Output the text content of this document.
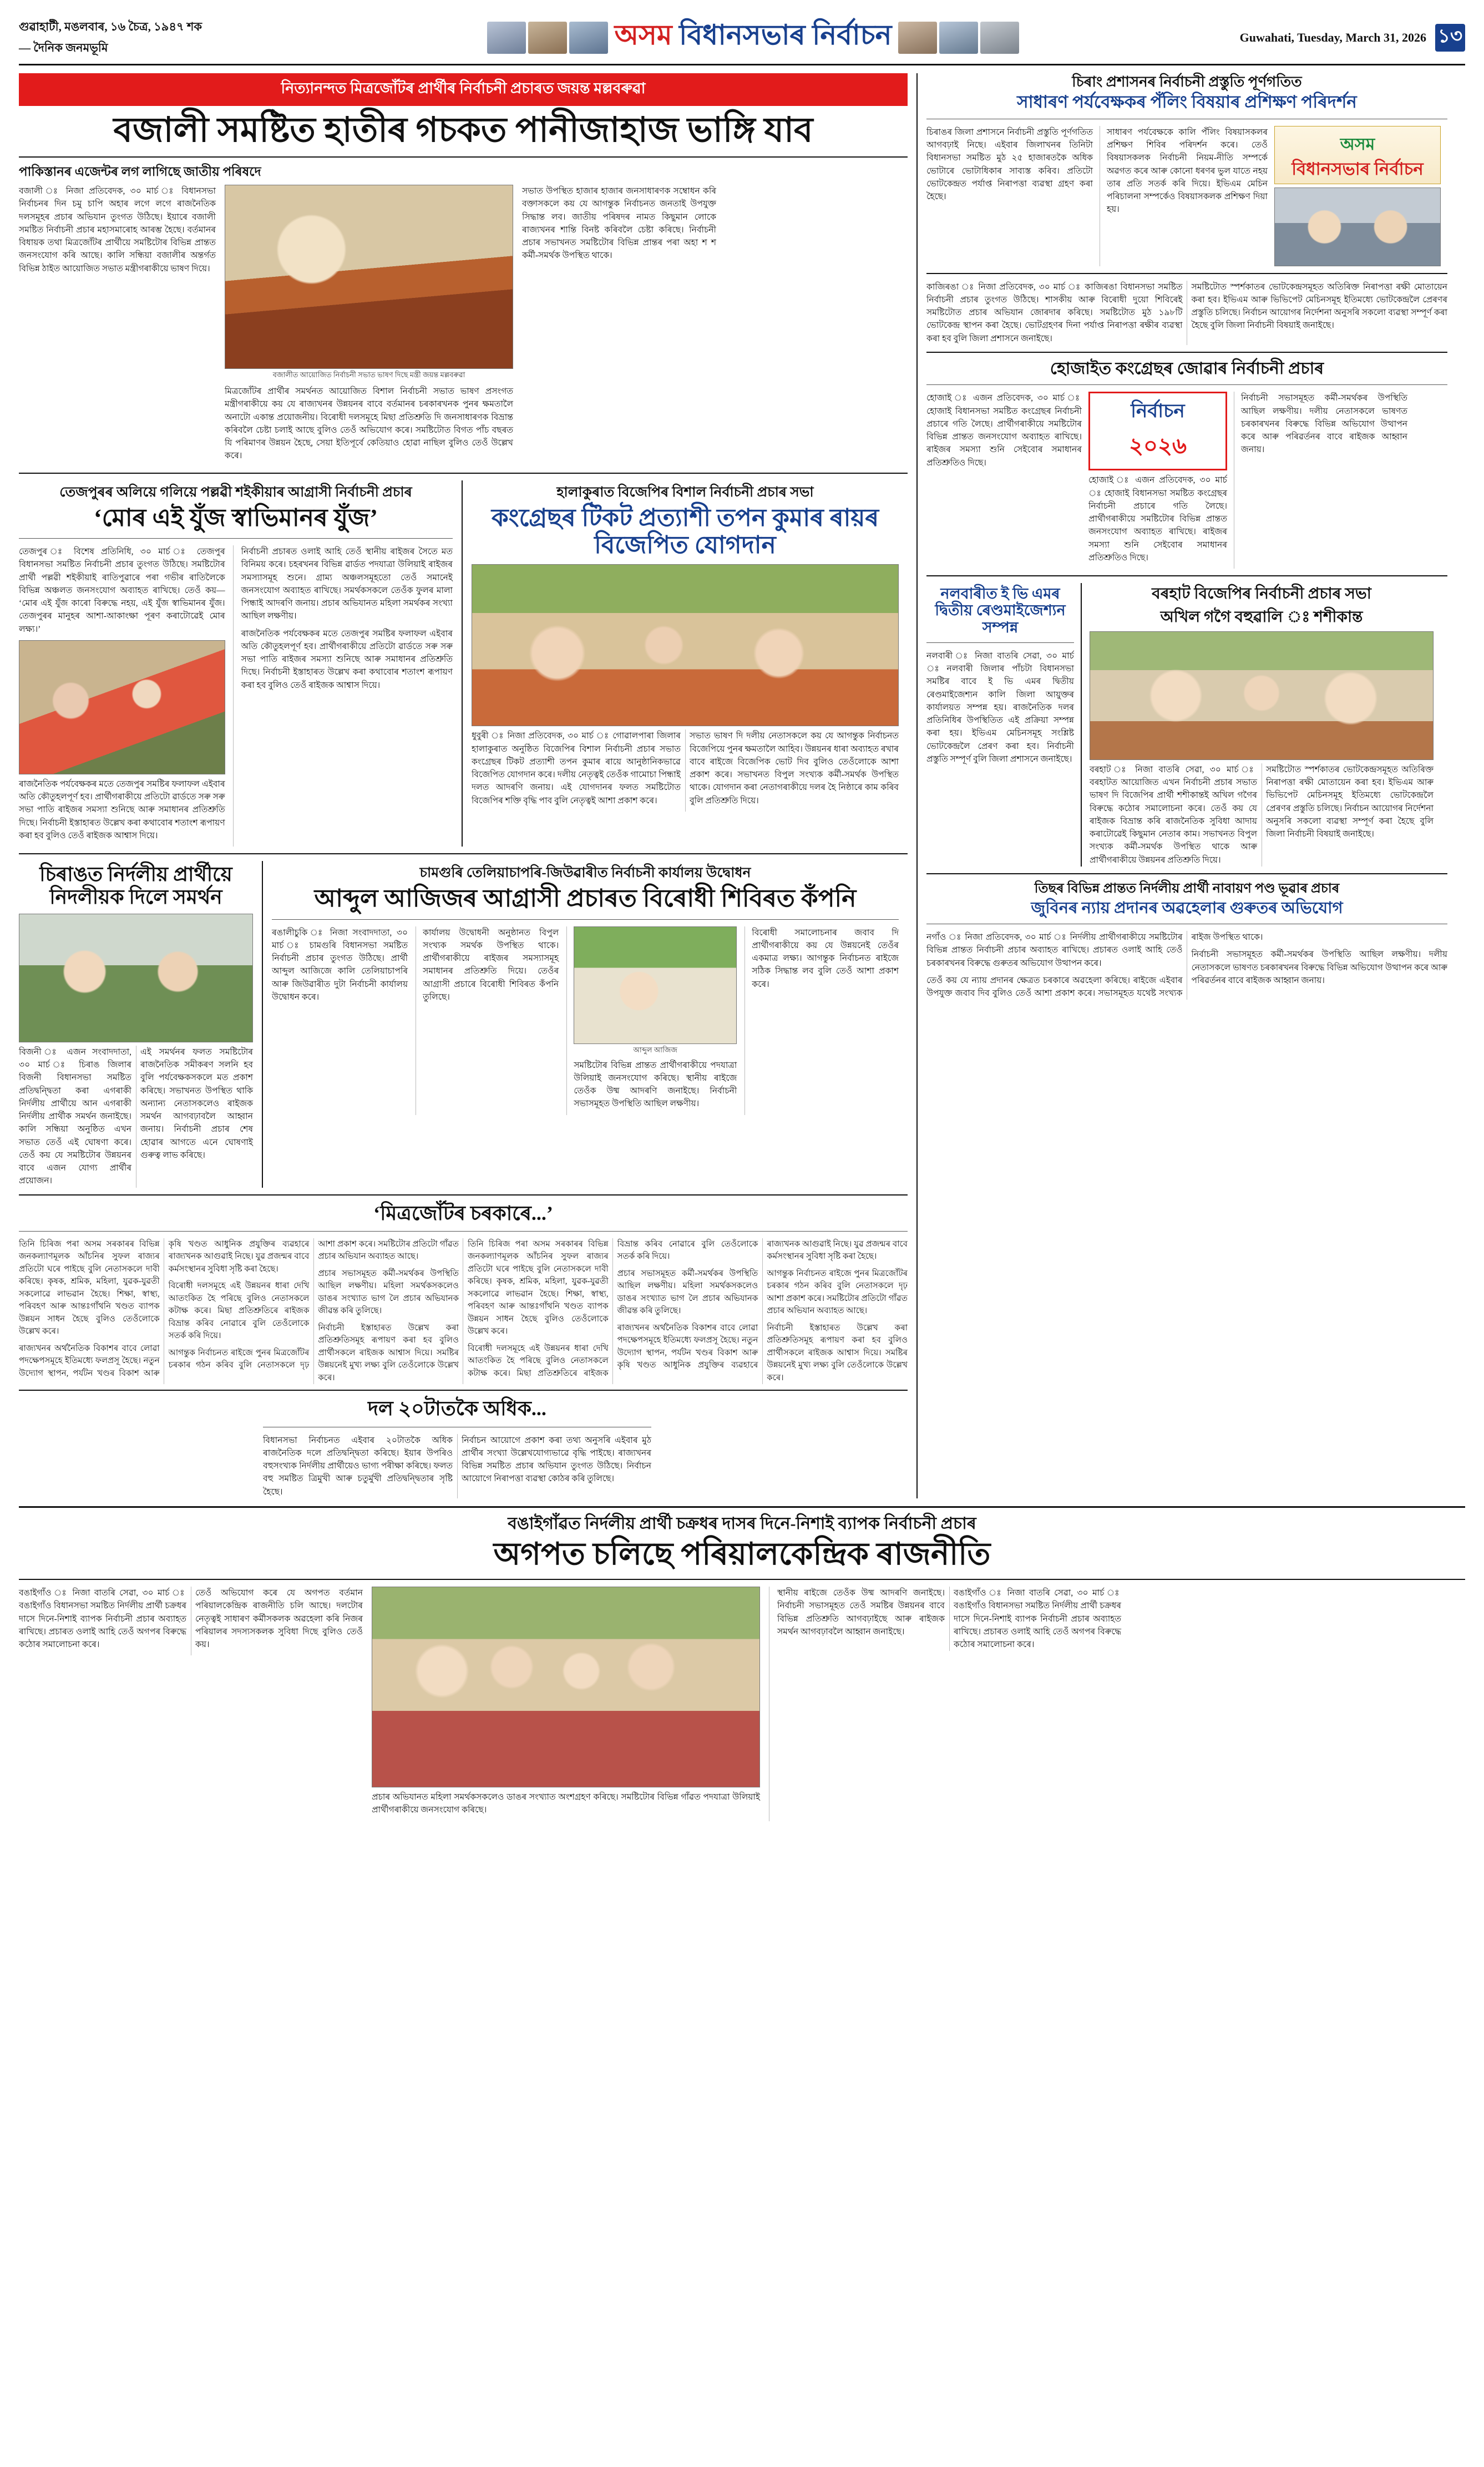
গুৱাহাটী, মঙলবাৰ, ১৬ চৈত্ৰ, ১৯৪৭ শক
— দৈনিক জনমভূমি	অসম বিধানসভাৰ নিৰ্বাচন	Guwahati, Tuesday, March 31, 2026 ১৩
নিত্যানন্দত মিত্ৰজোঁটৰ প্ৰাৰ্থীৰ নিৰ্বাচনী প্ৰচাৰত জয়ন্ত মল্লবৰুৱা
বজালী সমষ্টিত হাতীৰ গচকত পানীজাহাজ ভাঙ্গি যাব
পাকিস্তানৰ এজেন্টৰ লগ লাগিছে জাতীয় পৰিষদে

বজালী ঃ নিজা প্ৰতিবেদক, ৩০ মাৰ্চ ঃ বিধানসভা নিৰ্বাচনৰ দিন চমু চাপি অহাৰ লগে লগে ৰাজনৈতিক দলসমূহৰ প্ৰচাৰ অভিযান তুংগত উঠিছে। ইয়াৰে বজালী সমষ্টিত নিৰ্বাচনী প্ৰচাৰ মহাসমাৰোহ আৰম্ভ হৈছে। বৰ্তমানৰ বিধায়ক তথা মিত্ৰজোঁটৰ প্ৰাৰ্থীয়ে সমষ্টিটোৰ বিভিন্ন প্ৰান্তত জনসংযোগ কৰি আছে। কালি সন্ধিয়া বজালীৰ অন্তৰ্গত বিভিন্ন ঠাইত আয়োজিত সভাত মন্ত্ৰীগৰাকীয়ে ভাষণ দিয়ে।

বজালীত আয়োজিত নিৰ্বাচনী সভাত ভাষণ দিছে মন্ত্ৰী জয়ন্ত মল্লবৰুৱা

মিত্ৰজোঁটৰ প্ৰাৰ্থীৰ সমৰ্থনত আয়োজিত বিশাল নিৰ্বাচনী সভাত ভাষণ প্ৰসংগত মন্ত্ৰীগৰাকীয়ে কয় যে ৰাজ্যখনৰ উন্নয়নৰ বাবে বৰ্তমানৰ চৰকাৰখনক পুনৰ ক্ষমতালৈ অনাটো একান্ত প্ৰয়োজনীয়। বিৰোধী দলসমূহে মিছা প্ৰতিশ্ৰুতি দি জনসাধাৰণক বিভ্ৰান্ত কৰিবলৈ চেষ্টা চলাই আছে বুলিও তেওঁ অভিযোগ কৰে। সমষ্টিটোত বিগত পাঁচ বছৰত যি পৰিমাণৰ উন্নয়ন হৈছে, সেয়া ইতিপূৰ্বে কেতিয়াও হোৱা নাছিল বুলিও তেওঁ উল্লেখ কৰে।

সভাত উপস্থিত হাজাৰ হাজাৰ জনসাধাৰণক সম্বোধন কৰি বক্তাসকলে কয় যে আগন্তুক নিৰ্বাচনত জনতাই উপযুক্ত সিদ্ধান্ত লব। জাতীয় পৰিষদৰ নামত কিছুমান লোকে ৰাজ্যখনৰ শান্তি বিনষ্ট কৰিবলৈ চেষ্টা কৰিছে। নিৰ্বাচনী প্ৰচাৰ সভাখনত সমষ্টিটোৰ বিভিন্ন প্ৰান্তৰ পৰা অহা শ শ কৰ্মী-সমৰ্থক উপস্থিত থাকে।

তেজপুৰৰ অলিয়ে গলিয়ে পল্লৱী শইকীয়াৰ আগ্ৰাসী নিৰ্বাচনী প্ৰচাৰ
‘মোৰ এই যুঁজ স্বাভিমানৰ যুঁজ’

তেজপুৰ ঃ বিশেষ প্ৰতিনিধি, ৩০ মাৰ্চ ঃ তেজপুৰ বিধানসভা সমষ্টিত নিৰ্বাচনী প্ৰচাৰ তুংগত উঠিছে। সমষ্টিটোৰ প্ৰাৰ্থী পল্লৱী শইকীয়াই ৰাতিপুৱাৰে পৰা গভীৰ ৰাতিলৈকে বিভিন্ন অঞ্চলত জনসংযোগ অব্যাহত ৰাখিছে। তেওঁ কয়— ‘মোৰ এই যুঁজ কাৰো বিৰুদ্ধে নহয়, এই যুঁজ স্বাভিমানৰ যুঁজ। তেজপুৰৰ মানুহৰ আশা-আকাংক্ষা পূৰণ কৰাটোৱেই মোৰ লক্ষ্য।’

ৰাজনৈতিক পৰ্যবেক্ষকৰ মতে তেজপুৰ সমষ্টিৰ ফলাফল এইবাৰ অতি কৌতুহলপূৰ্ণ হব। প্ৰাৰ্থীগৰাকীয়ে প্ৰতিটো ৱাৰ্ডতে সৰু সৰু সভা পাতি ৰাইজৰ সমস্যা শুনিছে আৰু সমাধানৰ প্ৰতিশ্ৰুতি দিছে। নিৰ্বাচনী ইস্তাহাৰত উল্লেখ কৰা কথাবোৰ শতাংশ ৰূপায়ণ কৰা হব বুলিও তেওঁ ৰাইজক আশ্বাস দিয়ে।

নিৰ্বাচনী প্ৰচাৰত ওলাই আহি তেওঁ স্থানীয় ৰাইজৰ সৈতে মত বিনিময় কৰে। চহৰখনৰ বিভিন্ন ৱাৰ্ডত পদযাত্ৰা উলিয়াই ৰাইজৰ সমস্যাসমূহ শুনে। গ্ৰাম্য অঞ্চলসমূহতো তেওঁ সমানেই জনসংযোগ অব্যাহত ৰাখিছে। সমৰ্থকসকলে তেওঁক ফুলৰ মালা পিন্ধাই আদৰণি জনায়। প্ৰচাৰ অভিযানত মহিলা সমৰ্থকৰ সংখ্যা আছিল লক্ষণীয়।

ৰাজনৈতিক পৰ্যবেক্ষকৰ মতে তেজপুৰ সমষ্টিৰ ফলাফল এইবাৰ অতি কৌতুহলপূৰ্ণ হব। প্ৰাৰ্থীগৰাকীয়ে প্ৰতিটো ৱাৰ্ডতে সৰু সৰু সভা পাতি ৰাইজৰ সমস্যা শুনিছে আৰু সমাধানৰ প্ৰতিশ্ৰুতি দিছে। নিৰ্বাচনী ইস্তাহাৰত উল্লেখ কৰা কথাবোৰ শতাংশ ৰূপায়ণ কৰা হব বুলিও তেওঁ ৰাইজক আশ্বাস দিয়ে।

হালাকুৰাত বিজেপিৰ বিশাল নিৰ্বাচনী প্ৰচাৰ সভা
কংগ্ৰেছৰ টিকট প্ৰত্যাশী তপন কুমাৰ ৰায়ৰ বিজেপিত যোগদান

ধুবুৰী ঃ নিজা প্ৰতিবেদক, ৩০ মাৰ্চ ঃ গোৱালপাৰা জিলাৰ হালাকুৰাত অনুষ্ঠিত বিজেপিৰ বিশাল নিৰ্বাচনী প্ৰচাৰ সভাত কংগ্ৰেছৰ টিকট প্ৰত্যাশী তপন কুমাৰ ৰায়ে আনুষ্ঠানিকভাৱে বিজেপিত যোগদান কৰে। দলীয় নেতৃত্বই তেওঁক গামোচা পিন্ধাই দলত আদৰণি জনায়। এই যোগদানৰ ফলত সমষ্টিটোত বিজেপিৰ শক্তি বৃদ্ধি পাব বুলি নেতৃত্বই আশা প্ৰকাশ কৰে।

সভাত ভাষণ দি দলীয় নেতাসকলে কয় যে আগন্তুক নিৰ্বাচনত বিজেপিয়ে পুনৰ ক্ষমতালৈ আহিব। উন্নয়নৰ ধাৰা অব্যাহত ৰখাৰ বাবে ৰাইজে বিজেপিক ভোট দিব বুলিও তেওঁলোকে আশা প্ৰকাশ কৰে। সভাখনত বিপুল সংখ্যক কৰ্মী-সমৰ্থক উপস্থিত থাকে। যোগদান কৰা নেতাগৰাকীয়ে দলৰ হৈ নিষ্ঠাৰে কাম কৰিব বুলি প্ৰতিশ্ৰুতি দিয়ে।

চিৰাঙত নিৰ্দলীয় প্ৰাৰ্থীয়ে নিদলীয়ক দিলে সমৰ্থন

বিজনী ঃ এজন সংবাদদাতা, ৩০ মাৰ্চ ঃ চিৰাঙ জিলাৰ বিজনী বিধানসভা সমষ্টিত প্ৰতিদ্বন্দ্বিতা কৰা এগৰাকী নিৰ্দলীয় প্ৰাৰ্থীয়ে আন এগৰাকী নিৰ্দলীয় প্ৰাৰ্থীক সমৰ্থন জনাইছে। কালি সন্ধিয়া অনুষ্ঠিত এখন সভাত তেওঁ এই ঘোষণা কৰে। তেওঁ কয় যে সমষ্টিটোৰ উন্নয়নৰ বাবে এজন যোগ্য প্ৰাৰ্থীৰ প্ৰয়োজন।

এই সমৰ্থনৰ ফলত সমষ্টিটোৰ ৰাজনৈতিক সমীকৰণ সলনি হব বুলি পৰ্যবেক্ষকসকলে মত প্ৰকাশ কৰিছে। সভাখনত উপস্থিত থাকি অন্যান্য নেতাসকলেও ৰাইজক সমৰ্থন আগবঢ়াবলৈ আহ্বান জনায়। নিৰ্বাচনী প্ৰচাৰ শেষ হোৱাৰ আগতে এনে ঘোষণাই গুৰুত্ব লাভ কৰিছে।

চামগুৰি তেলিয়াচাপৰি-জিউৱাৰীত নিৰ্বাচনী কাৰ্যালয় উদ্বোধন
আব্দুল আজিজৰ আগ্ৰাসী প্ৰচাৰত বিৰোধী শিবিৰত কঁপনি

ৰঙালীচুকি ঃ নিজা সংবাদদাতা, ৩০ মাৰ্চ ঃ চামগুৰি বিধানসভা সমষ্টিত নিৰ্বাচনী প্ৰচাৰ তুংগত উঠিছে। প্ৰাৰ্থী আব্দুল আজিজে কালি তেলিয়াচাপৰি আৰু জিউৱাৰীত দুটা নিৰ্বাচনী কাৰ্যালয় উদ্বোধন কৰে।

কাৰ্যালয় উদ্বোধনী অনুষ্ঠানত বিপুল সংখ্যক সমৰ্থক উপস্থিত থাকে। প্ৰাৰ্থীগৰাকীয়ে ৰাইজৰ সমস্যাসমূহ সমাধানৰ প্ৰতিশ্ৰুতি দিয়ে। তেওঁৰ আগ্ৰাসী প্ৰচাৰে বিৰোধী শিবিৰত কঁপনি তুলিছে।

আব্দুল আজিজ

সমষ্টিটোৰ বিভিন্ন প্ৰান্তত প্ৰাৰ্থীগৰাকীয়ে পদযাত্ৰা উলিয়াই জনসংযোগ কৰিছে। স্থানীয় ৰাইজে তেওঁক উষ্ম আদৰণি জনাইছে। নিৰ্বাচনী সভাসমূহত উপস্থিতি আছিল লক্ষণীয়।

বিৰোধী সমালোচনাৰ জবাব দি প্ৰাৰ্থীগৰাকীয়ে কয় যে উন্নয়নেই তেওঁৰ একমাত্ৰ লক্ষ্য। আগন্তুক নিৰ্বাচনত ৰাইজে সঠিক সিদ্ধান্ত লব বুলি তেওঁ আশা প্ৰকাশ কৰে।

‘মিত্ৰজোঁটৰ চৰকাৰে...’

তিনি চিৰিজ পৰা অসম সৰকাৰৰ বিভিন্ন জনকল্যাণমূলক আঁচনিৰ সুফল ৰাজ্যৰ প্ৰতিটো ঘৰে পাইছে বুলি নেতাসকলে দাবী কৰিছে। কৃষক, শ্ৰমিক, মহিলা, যুৱক-যুৱতী সকলোৱে লাভৱান হৈছে। শিক্ষা, স্বাস্থ্য, পৰিবহণ আৰু আন্তঃগাঁথনি খণ্ডত ব্যাপক উন্নয়ন সাধন হৈছে বুলিও তেওঁলোকে উল্লেখ কৰে।

ৰাজ্যখনৰ অৰ্থনৈতিক বিকাশৰ বাবে লোৱা পদক্ষেপসমূহে ইতিমধ্যে ফলপ্ৰসূ হৈছে। নতুন উদ্যোগ স্থাপন, পৰ্যটন খণ্ডৰ বিকাশ আৰু কৃষি খণ্ডত আধুনিক প্ৰযুক্তিৰ ব্যৱহাৰে ৰাজ্যখনক আগুৱাই নিছে। যুৱ প্ৰজন্মৰ বাবে কৰ্মসংস্থানৰ সুবিধা সৃষ্টি কৰা হৈছে।

বিৰোধী দলসমূহে এই উন্নয়নৰ ধাৰা দেখি আতংকিত হৈ পৰিছে বুলিও নেতাসকলে কটাক্ষ কৰে। মিছা প্ৰতিশ্ৰুতিৰে ৰাইজক বিভ্ৰান্ত কৰিব নোৱাৰে বুলি তেওঁলোকে সতৰ্ক কৰি দিয়ে।

আগন্তুক নিৰ্বাচনত ৰাইজে পুনৰ মিত্ৰজোঁটৰ চৰকাৰ গঠন কৰিব বুলি নেতাসকলে দৃঢ় আশা প্ৰকাশ কৰে। সমষ্টিটোৰ প্ৰতিটো গাঁৱত প্ৰচাৰ অভিযান অব্যাহত আছে।

প্ৰচাৰ সভাসমূহত কৰ্মী-সমৰ্থকৰ উপস্থিতি আছিল লক্ষণীয়। মহিলা সমৰ্থকসকলেও ডাঙৰ সংখ্যাত ভাগ লৈ প্ৰচাৰ অভিযানক জীৱন্ত কৰি তুলিছে।

নিৰ্বাচনী ইস্তাহাৰত উল্লেখ কৰা প্ৰতিশ্ৰুতিসমূহ ৰূপায়ণ কৰা হব বুলিও প্ৰাৰ্থীসকলে ৰাইজক আশ্বাস দিয়ে। সমষ্টিৰ উন্নয়নেই মুখ্য লক্ষ্য বুলি তেওঁলোকে উল্লেখ কৰে।

তিনি চিৰিজ পৰা অসম সৰকাৰৰ বিভিন্ন জনকল্যাণমূলক আঁচনিৰ সুফল ৰাজ্যৰ প্ৰতিটো ঘৰে পাইছে বুলি নেতাসকলে দাবী কৰিছে। কৃষক, শ্ৰমিক, মহিলা, যুৱক-যুৱতী সকলোৱে লাভৱান হৈছে। শিক্ষা, স্বাস্থ্য, পৰিবহণ আৰু আন্তঃগাঁথনি খণ্ডত ব্যাপক উন্নয়ন সাধন হৈছে বুলিও তেওঁলোকে উল্লেখ কৰে।

বিৰোধী দলসমূহে এই উন্নয়নৰ ধাৰা দেখি আতংকিত হৈ পৰিছে বুলিও নেতাসকলে কটাক্ষ কৰে। মিছা প্ৰতিশ্ৰুতিৰে ৰাইজক বিভ্ৰান্ত কৰিব নোৱাৰে বুলি তেওঁলোকে সতৰ্ক কৰি দিয়ে।

প্ৰচাৰ সভাসমূহত কৰ্মী-সমৰ্থকৰ উপস্থিতি আছিল লক্ষণীয়। মহিলা সমৰ্থকসকলেও ডাঙৰ সংখ্যাত ভাগ লৈ প্ৰচাৰ অভিযানক জীৱন্ত কৰি তুলিছে।

ৰাজ্যখনৰ অৰ্থনৈতিক বিকাশৰ বাবে লোৱা পদক্ষেপসমূহে ইতিমধ্যে ফলপ্ৰসূ হৈছে। নতুন উদ্যোগ স্থাপন, পৰ্যটন খণ্ডৰ বিকাশ আৰু কৃষি খণ্ডত আধুনিক প্ৰযুক্তিৰ ব্যৱহাৰে ৰাজ্যখনক আগুৱাই নিছে। যুৱ প্ৰজন্মৰ বাবে কৰ্মসংস্থানৰ সুবিধা সৃষ্টি কৰা হৈছে।

আগন্তুক নিৰ্বাচনত ৰাইজে পুনৰ মিত্ৰজোঁটৰ চৰকাৰ গঠন কৰিব বুলি নেতাসকলে দৃঢ় আশা প্ৰকাশ কৰে। সমষ্টিটোৰ প্ৰতিটো গাঁৱত প্ৰচাৰ অভিযান অব্যাহত আছে।

নিৰ্বাচনী ইস্তাহাৰত উল্লেখ কৰা প্ৰতিশ্ৰুতিসমূহ ৰূপায়ণ কৰা হব বুলিও প্ৰাৰ্থীসকলে ৰাইজক আশ্বাস দিয়ে। সমষ্টিৰ উন্নয়নেই মুখ্য লক্ষ্য বুলি তেওঁলোকে উল্লেখ কৰে।

দল ২০টাতকৈ অধিক...

বিধানসভা নিৰ্বাচনত এইবাৰ ২০টাতকৈ অধিক ৰাজনৈতিক দলে প্ৰতিদ্বন্দ্বিতা কৰিছে। ইয়াৰ উপৰিও বহুসংখ্যক নিৰ্দলীয় প্ৰাৰ্থীয়েও ভাগ্য পৰীক্ষা কৰিছে। ফলত বহু সমষ্টিত ত্ৰিমুখী আৰু চতুৰ্মুখী প্ৰতিদ্বন্দ্বিতাৰ সৃষ্টি হৈছে।

নিৰ্বাচন আয়োগে প্ৰকাশ কৰা তথ্য অনুসৰি এইবাৰ মুঠ প্ৰাৰ্থীৰ সংখ্যা উল্লেখযোগ্যভাৱে বৃদ্ধি পাইছে। ৰাজ্যখনৰ বিভিন্ন সমষ্টিত প্ৰচাৰ অভিযান তুংগত উঠিছে। নিৰ্বাচন আয়োগে নিৰাপত্তা ব্যৱস্থা কোঠৰ কৰি তুলিছে।

চিৰাং প্ৰশাসনৰ নিৰ্বাচনী প্ৰস্তুতি পূৰ্ণগতিত
সাধাৰণ পৰ্যবেক্ষকৰ পঁলিং বিষয়াৰ প্ৰশিক্ষণ পৰিদৰ্শন

চিৰাঙৰ জিলা প্ৰশাসনে নিৰ্বাচনী প্ৰস্তুতি পূৰ্ণগতিত আগবঢ়াই নিছে। এইবাৰ জিলাখনৰ তিনিটা বিধানসভা সমষ্টিত মুঠ ২৫ হাজাৰতকৈ অধিক ভোটাৰে ভোটাধিকাৰ সাব্যস্ত কৰিব। প্ৰতিটো ভোটকেন্দ্ৰত পৰ্যাপ্ত নিৰাপত্তা ব্যৱস্থা গ্ৰহণ কৰা হৈছে।

সাধাৰণ পৰ্যবেক্ষকে কালি পঁলিং বিষয়াসকলৰ প্ৰশিক্ষণ শিবিৰ পৰিদৰ্শন কৰে। তেওঁ বিষয়াসকলক নিৰ্বাচনী নিয়ম-নীতি সম্পৰ্কে অৱগত কৰে আৰু কোনো ধৰণৰ ভুল যাতে নহয় তাৰ প্ৰতি সতৰ্ক কৰি দিয়ে। ইভিএম মেচিন পৰিচালনা সম্পৰ্কেও বিষয়াসকলক প্ৰশিক্ষণ দিয়া হয়।

অসম
বিধানসভাৰ নিৰ্বাচন

কাজিৰঙা ঃ নিজা প্ৰতিবেদক, ৩০ মাৰ্চ ঃ কাজিৰঙা বিধানসভা সমষ্টিত নিৰ্বাচনী প্ৰচাৰ তুংগত উঠিছে। শাসকীয় আৰু বিৰোধী দুয়ো শিবিৰেই সমষ্টিটোত প্ৰচাৰ অভিযান জোৰদাৰ কৰিছে। সমষ্টিটোত মুঠ ১৯৮টি ভোটকেন্দ্ৰ স্থাপন কৰা হৈছে। ভোটগ্ৰহণৰ দিনা পৰ্যাপ্ত নিৰাপত্তা ৰক্ষীৰ ব্যৱস্থা কৰা হব বুলি জিলা প্ৰশাসনে জনাইছে।

সমষ্টিটোত স্পৰ্শকাতৰ ভোটকেন্দ্ৰসমূহত অতিৰিক্ত নিৰাপত্তা ৰক্ষী মোতায়েন কৰা হব। ইভিএম আৰু ভিভিপেট মেচিনসমূহ ইতিমধ্যে ভোটকেন্দ্ৰলৈ প্ৰেৰণৰ প্ৰস্তুতি চলিছে। নিৰ্বাচন আয়োগৰ নিৰ্দেশনা অনুসৰি সকলো ব্যৱস্থা সম্পূৰ্ণ কৰা হৈছে বুলি জিলা নিৰ্বাচনী বিষয়াই জনাইছে।

হোজাইত কংগ্ৰেছৰ জোৱাৰ নিৰ্বাচনী প্ৰচাৰ

হোজাই ঃ এজন প্ৰতিবেদক, ৩০ মাৰ্চ ঃ হোজাই বিধানসভা সমষ্টিত কংগ্ৰেছৰ নিৰ্বাচনী প্ৰচাৰে গতি লৈছে। প্ৰাৰ্থীগৰাকীয়ে সমষ্টিটোৰ বিভিন্ন প্ৰান্তত জনসংযোগ অব্যাহত ৰাখিছে। ৰাইজৰ সমস্যা শুনি সেইবোৰ সমাধানৰ প্ৰতিশ্ৰুতিও দিছে।

নিৰ্বাচন
২০২৬

হোজাই ঃ এজন প্ৰতিবেদক, ৩০ মাৰ্চ ঃ হোজাই বিধানসভা সমষ্টিত কংগ্ৰেছৰ নিৰ্বাচনী প্ৰচাৰে গতি লৈছে। প্ৰাৰ্থীগৰাকীয়ে সমষ্টিটোৰ বিভিন্ন প্ৰান্তত জনসংযোগ অব্যাহত ৰাখিছে। ৰাইজৰ সমস্যা শুনি সেইবোৰ সমাধানৰ প্ৰতিশ্ৰুতিও দিছে।

নিৰ্বাচনী সভাসমূহত কৰ্মী-সমৰ্থকৰ উপস্থিতি আছিল লক্ষণীয়। দলীয় নেতাসকলে ভাষণত চৰকাৰখনৰ বিৰুদ্ধে বিভিন্ন অভিযোগ উত্থাপন কৰে আৰু পৰিৱৰ্তনৰ বাবে ৰাইজক আহ্বান জনায়।

নলবাৰীত ই ভি এমৰ দ্বিতীয় ৰেণ্ডমাইজেশ্যন সম্পন্ন

নলবাৰী ঃ নিজা বাতৰি সেৱা, ৩০ মাৰ্চ ঃ নলবাৰী জিলাৰ পাঁচটা বিধানসভা সমষ্টিৰ বাবে ই ভি এমৰ দ্বিতীয় ৰেণ্ডমাইজেশ্যন কালি জিলা আয়ুক্তৰ কাৰ্যালয়ত সম্পন্ন হয়। ৰাজনৈতিক দলৰ প্ৰতিনিধিৰ উপস্থিতিত এই প্ৰক্ৰিয়া সম্পন্ন কৰা হয়। ইভিএম মেচিনসমূহ সংশ্লিষ্ট ভোটকেন্দ্ৰলৈ প্ৰেৰণ কৰা হব। নিৰ্বাচনী প্ৰস্তুতি সম্পূৰ্ণ বুলি জিলা প্ৰশাসনে জনাইছে।

বৰহাট বিজেপিৰ নিৰ্বাচনী প্ৰচাৰ সভা
অখিল গগৈ বহুৱালি ঃ শশীকান্ত

বৰহাট ঃ নিজা বাতৰি সেৱা, ৩০ মাৰ্চ ঃ বৰহাটত আয়োজিত এখন নিৰ্বাচনী প্ৰচাৰ সভাত ভাষণ দি বিজেপিৰ প্ৰাৰ্থী শশীকান্তই অখিল গগৈৰ বিৰুদ্ধে কঠোৰ সমালোচনা কৰে। তেওঁ কয় যে ৰাইজক বিভ্ৰান্ত কৰি ৰাজনৈতিক সুবিধা আদায় কৰাটোৱেই কিছুমান নেতাৰ কাম। সভাখনত বিপুল সংখ্যক কৰ্মী-সমৰ্থক উপস্থিত থাকে আৰু প্ৰাৰ্থীগৰাকীয়ে উন্নয়নৰ প্ৰতিশ্ৰুতি দিয়ে।

সমষ্টিটোত স্পৰ্শকাতৰ ভোটকেন্দ্ৰসমূহত অতিৰিক্ত নিৰাপত্তা ৰক্ষী মোতায়েন কৰা হব। ইভিএম আৰু ভিভিপেট মেচিনসমূহ ইতিমধ্যে ভোটকেন্দ্ৰলৈ প্ৰেৰণৰ প্ৰস্তুতি চলিছে। নিৰ্বাচন আয়োগৰ নিৰ্দেশনা অনুসৰি সকলো ব্যৱস্থা সম্পূৰ্ণ কৰা হৈছে বুলি জিলা নিৰ্বাচনী বিষয়াই জনাইছে।

তিছৰ বিভিন্ন প্ৰান্তত নিৰ্দলীয় প্ৰাৰ্থী নাবায়ণ পণ্ড ভূৱাৰ প্ৰচাৰ
জুবিনৰ ন্যায় প্ৰদানৰ অৱহেলাৰ গুৰুতৰ অভিযোগ

নগাঁও ঃ নিজা প্ৰতিবেদক, ৩০ মাৰ্চ ঃ নিৰ্দলীয় প্ৰাৰ্থীগৰাকীয়ে সমষ্টিটোৰ বিভিন্ন প্ৰান্তত নিৰ্বাচনী প্ৰচাৰ অব্যাহত ৰাখিছে। প্ৰচাৰত ওলাই আহি তেওঁ চৰকাৰখনৰ বিৰুদ্ধে গুৰুতৰ অভিযোগ উত্থাপন কৰে।

তেওঁ কয় যে ন্যায় প্ৰদানৰ ক্ষেত্ৰত চৰকাৰে অৱহেলা কৰিছে। ৰাইজে এইবাৰ উপযুক্ত জবাব দিব বুলিও তেওঁ আশা প্ৰকাশ কৰে। সভাসমূহত যথেষ্ট সংখ্যক ৰাইজ উপস্থিত থাকে।

নিৰ্বাচনী সভাসমূহত কৰ্মী-সমৰ্থকৰ উপস্থিতি আছিল লক্ষণীয়। দলীয় নেতাসকলে ভাষণত চৰকাৰখনৰ বিৰুদ্ধে বিভিন্ন অভিযোগ উত্থাপন কৰে আৰু পৰিৱৰ্তনৰ বাবে ৰাইজক আহ্বান জনায়।

বঙাইগাঁৱত নিৰ্দলীয় প্ৰাৰ্থী চক্ৰধৰ দাসৰ দিনে-নিশাই ব্যাপক নিৰ্বাচনী প্ৰচাৰ
অগপত চলিছে পৰিয়ালকেন্দ্ৰিক ৰাজনীতি

বঙাইগাঁও ঃ নিজা বাতৰি সেৱা, ৩০ মাৰ্চ ঃ বঙাইগাঁও বিধানসভা সমষ্টিত নিৰ্দলীয় প্ৰাৰ্থী চক্ৰধৰ দাসে দিনে-নিশাই ব্যাপক নিৰ্বাচনী প্ৰচাৰ অব্যাহত ৰাখিছে। প্ৰচাৰত ওলাই আহি তেওঁ অগপৰ বিৰুদ্ধে কঠোৰ সমালোচনা কৰে।

তেওঁ অভিযোগ কৰে যে অগপত বৰ্তমান পৰিয়ালকেন্দ্ৰিক ৰাজনীতি চলি আছে। দলটোৰ নেতৃত্বই সাধাৰণ কৰ্মীসকলক অৱহেলা কৰি নিজৰ পৰিয়ালৰ সদস্যসকলক সুবিধা দিছে বুলিও তেওঁ কয়।

প্ৰচাৰ অভিযানত মহিলা সমৰ্থকসকলেও ডাঙৰ সংখ্যাত অংশগ্ৰহণ কৰিছে। সমষ্টিটোৰ বিভিন্ন গাঁৱত পদযাত্ৰা উলিয়াই প্ৰাৰ্থীগৰাকীয়ে জনসংযোগ কৰিছে।

স্থানীয় ৰাইজে তেওঁক উষ্ম আদৰণি জনাইছে। নিৰ্বাচনী সভাসমূহত তেওঁ সমষ্টিৰ উন্নয়নৰ বাবে বিভিন্ন প্ৰতিশ্ৰুতি আগবঢ়াইছে আৰু ৰাইজক সমৰ্থন আগবঢ়াবলৈ আহ্বান জনাইছে।

বঙাইগাঁও ঃ নিজা বাতৰি সেৱা, ৩০ মাৰ্চ ঃ বঙাইগাঁও বিধানসভা সমষ্টিত নিৰ্দলীয় প্ৰাৰ্থী চক্ৰধৰ দাসে দিনে-নিশাই ব্যাপক নিৰ্বাচনী প্ৰচাৰ অব্যাহত ৰাখিছে। প্ৰচাৰত ওলাই আহি তেওঁ অগপৰ বিৰুদ্ধে কঠোৰ সমালোচনা কৰে।
